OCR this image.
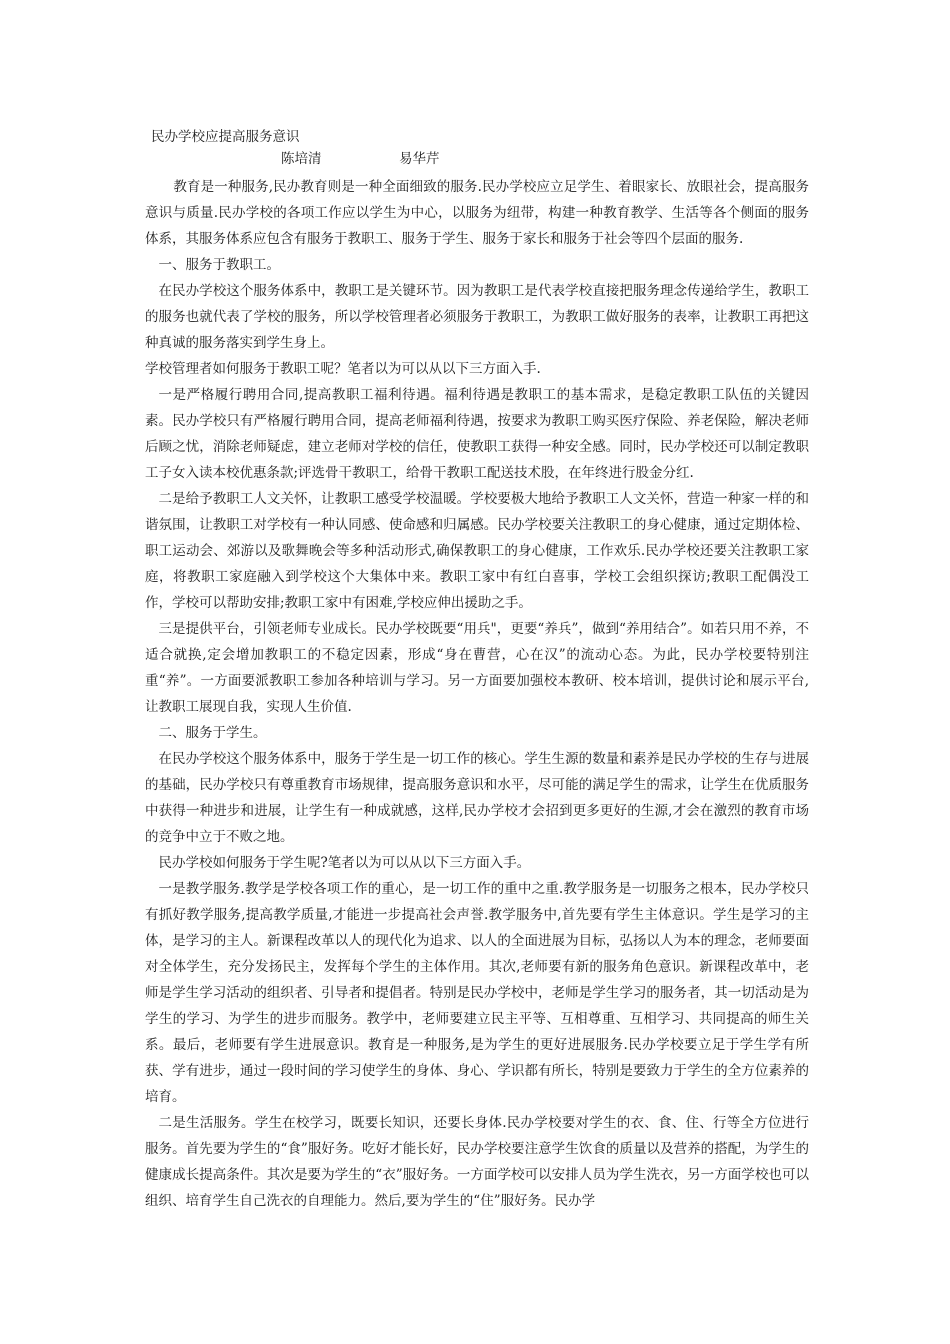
民办学校应提高服务意识
陈培清	易华芹

教育是一种服务,民办教育则是一种全面细致的服务.民办学校应立足学生、着眼家长、放眼社会，提高服务意识与质量.民办学校的各项工作应以学生为中心，以服务为纽带，构建一种教育教学、生活等各个侧面的服务体系，其服务体系应包含有服务于教职工、服务于学生、服务于家长和服务于社会等四个层面的服务.

一、服务于教职工。

在民办学校这个服务体系中，教职工是关键环节。因为教职工是代表学校直接把服务理念传递给学生，教职工的服务也就代表了学校的服务，所以学校管理者必须服务于教职工，为教职工做好服务的表率，让教职工再把这种真诚的服务落实到学生身上。

学校管理者如何服务于教职工呢？笔者以为可以从以下三方面入手.

一是严格履行聘用合同,提高教职工福利待遇。福利待遇是教职工的基本需求，是稳定教职工队伍的关键因素。民办学校只有严格履行聘用合同，提高老师福利待遇，按要求为教职工购买医疗保险、养老保险，解决老师后顾之忧，消除老师疑虑，建立老师对学校的信任，使教职工获得一种安全感。同时，民办学校还可以制定教职工子女入读本校优惠条款;评选骨干教职工，给骨干教职工配送技术股，在年终进行股金分红.

二是给予教职工人文关怀，让教职工感受学校温暖。学校要极大地给予教职工人文关怀，营造一种家一样的和谐氛围，让教职工对学校有一种认同感、使命感和归属感。民办学校要关注教职工的身心健康，通过定期体检、职工运动会、郊游以及歌舞晚会等多种活动形式,确保教职工的身心健康，工作欢乐.民办学校还要关注教职工家庭，将教职工家庭融入到学校这个大集体中来。教职工家中有红白喜事，学校工会组织探访;教职工配偶没工作，学校可以帮助安排;教职工家中有困难,学校应伸出援助之手。

三是提供平台，引领老师专业成长。民办学校既要“用兵"，更要“养兵”，做到“养用结合”。如若只用不养，不适合就换,定会增加教职工的不稳定因素，形成“身在曹营，心在汉”的流动心态。为此，民办学校要特别注重“养”。一方面要派教职工参加各种培训与学习。另一方面要加强校本教研、校本培训，提供讨论和展示平台,让教职工展现自我，实现人生价值.

二、服务于学生。

在民办学校这个服务体系中，服务于学生是一切工作的核心。学生生源的数量和素养是民办学校的生存与进展的基础，民办学校只有尊重教育市场规律，提高服务意识和水平，尽可能的满足学生的需求，让学生在优质服务中获得一种进步和进展，让学生有一种成就感，这样,民办学校才会招到更多更好的生源,才会在激烈的教育市场的竞争中立于不败之地。

民办学校如何服务于学生呢?笔者以为可以从以下三方面入手。

一是教学服务.教学是学校各项工作的重心，是一切工作的重中之重.教学服务是一切服务之根本，民办学校只有抓好教学服务,提高教学质量,才能进一步提高社会声誉.教学服务中,首先要有学生主体意识。学生是学习的主体，是学习的主人。新课程改革以人的现代化为追求、以人的全面进展为目标，弘扬以人为本的理念，老师要面对全体学生，充分发扬民主，发挥每个学生的主体作用。其次,老师要有新的服务角色意识。新课程改革中，老师是学生学习活动的组织者、引导者和提倡者。特别是民办学校中，老师是学生学习的服务者，其一切活动是为学生的学习、为学生的进步而服务。教学中，老师要建立民主平等、互相尊重、互相学习、共同提高的师生关系。最后，老师要有学生进展意识。教育是一种服务,是为学生的更好进展服务.民办学校要立足于学生学有所获、学有进步，通过一段时间的学习使学生的身体、身心、学识都有所长，特别是要致力于学生的全方位素养的培育。

二是生活服务。学生在校学习，既要长知识，还要长身体.民办学校要对学生的衣、食、住、行等全方位进行服务。首先要为学生的“食”服好务。吃好才能长好，民办学校要注意学生饮食的质量以及营养的搭配，为学生的健康成长提高条件。其次是要为学生的“衣”服好务。一方面学校可以安排人员为学生洗衣，另一方面学校也可以组织、培育学生自己洗衣的自理能力。然后,要为学生的“住”服好务。民办学
